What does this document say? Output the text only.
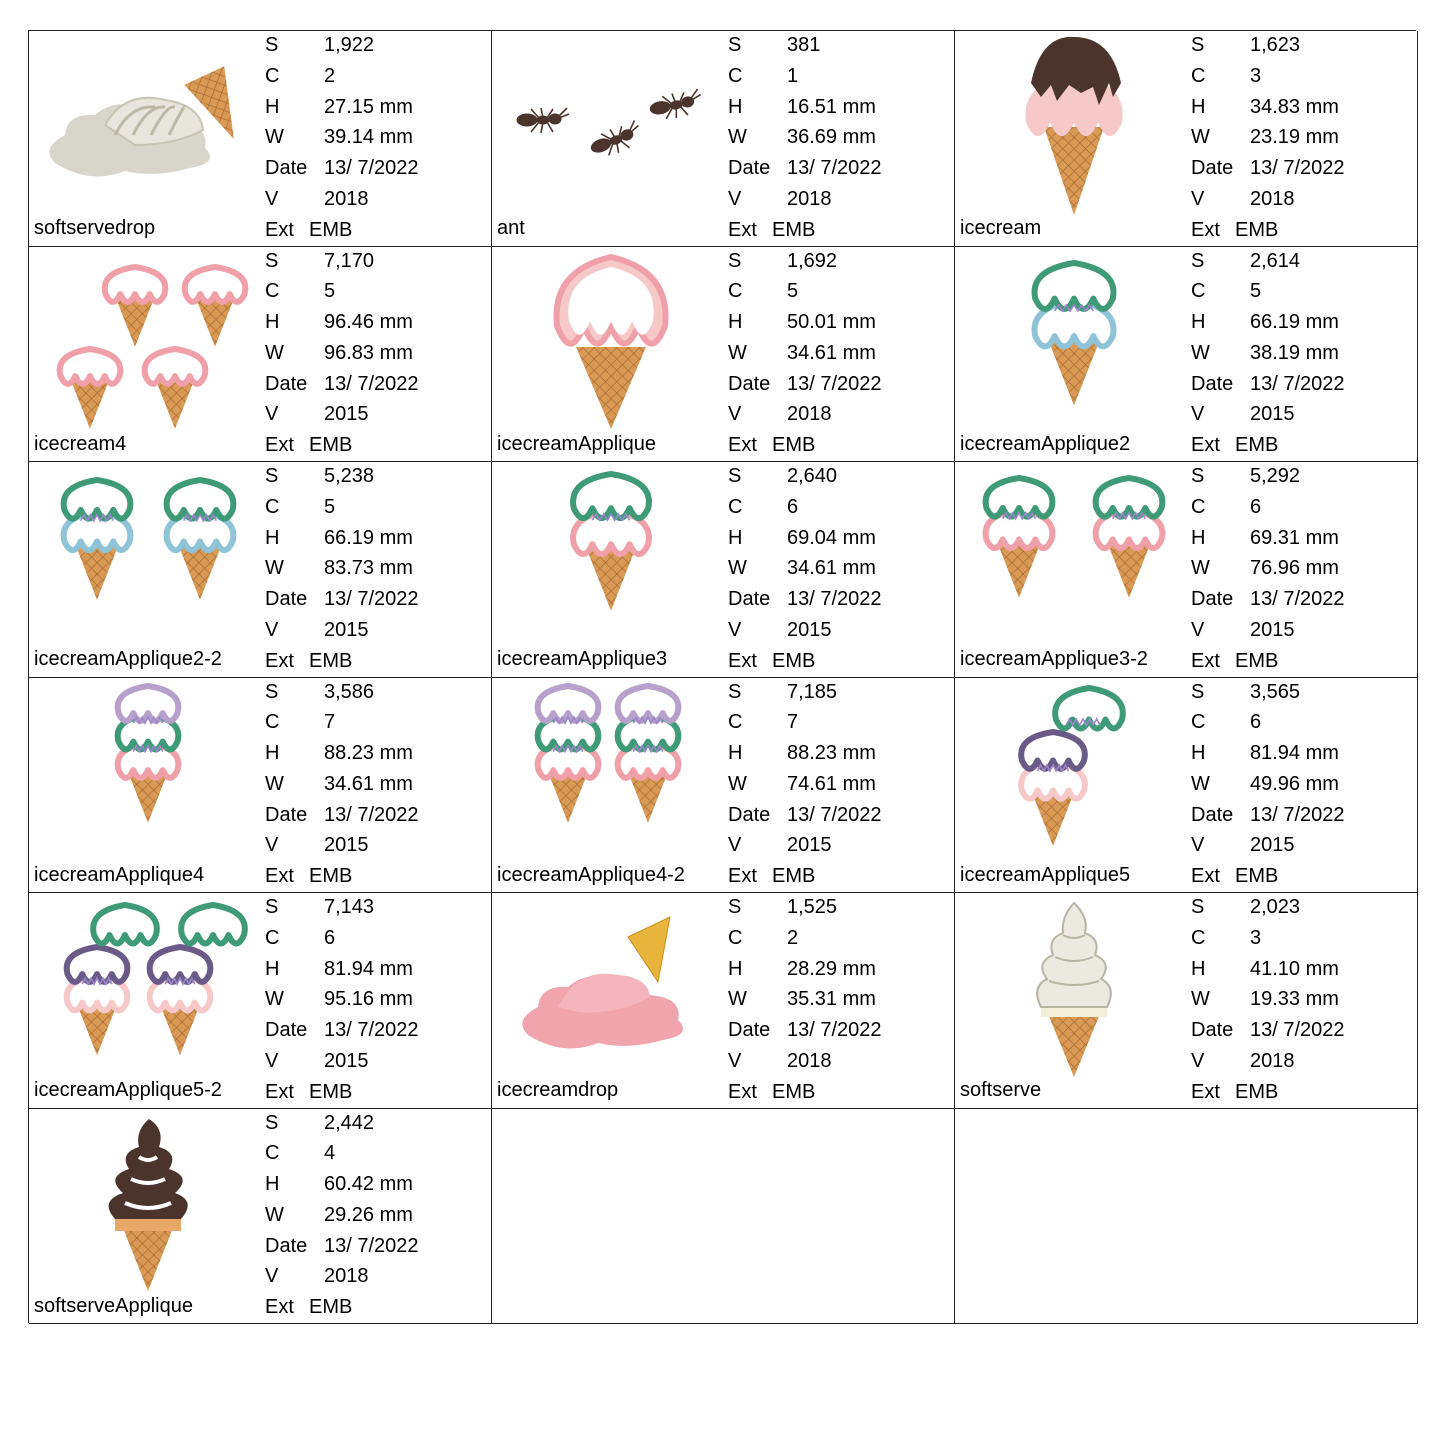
softservedrop
S 1,922
C 2
H 27.15 mm
W 39.14 mm
Date 13/ 7/2022
V 2018
Ext EMB	ant
S 381
C 1
H 16.51 mm
W 36.69 mm
Date 13/ 7/2022
V 2018
Ext EMB	icecream
S 1,623
C 3
H 34.83 mm
W 23.19 mm
Date 13/ 7/2022
V 2018
Ext EMB
icecream4
S 7,170
C 5
H 96.46 mm
W 96.83 mm
Date 13/ 7/2022
V 2015
Ext EMB	icecreamApplique
S 1,692
C 5
H 50.01 mm
W 34.61 mm
Date 13/ 7/2022
V 2018
Ext EMB	icecreamApplique2
S 2,614
C 5
H 66.19 mm
W 38.19 mm
Date 13/ 7/2022
V 2015
Ext EMB
icecreamApplique2-2
S 5,238
C 5
H 66.19 mm
W 83.73 mm
Date 13/ 7/2022
V 2015
Ext EMB	icecreamApplique3
S 2,640
C 6
H 69.04 mm
W 34.61 mm
Date 13/ 7/2022
V 2015
Ext EMB	icecreamApplique3-2
S 5,292
C 6
H 69.31 mm
W 76.96 mm
Date 13/ 7/2022
V 2015
Ext EMB
icecreamApplique4
S 3,586
C 7
H 88.23 mm
W 34.61 mm
Date 13/ 7/2022
V 2015
Ext EMB	icecreamApplique4-2
S 7,185
C 7
H 88.23 mm
W 74.61 mm
Date 13/ 7/2022
V 2015
Ext EMB	icecreamApplique5
S 3,565
C 6
H 81.94 mm
W 49.96 mm
Date 13/ 7/2022
V 2015
Ext EMB
icecreamApplique5-2
S 7,143
C 6
H 81.94 mm
W 95.16 mm
Date 13/ 7/2022
V 2015
Ext EMB	icecreamdrop
S 1,525
C 2
H 28.29 mm
W 35.31 mm
Date 13/ 7/2022
V 2018
Ext EMB	softserve
S 2,023
C 3
H 41.10 mm
W 19.33 mm
Date 13/ 7/2022
V 2018
Ext EMB
softserveApplique
S 2,442
C 4
H 60.42 mm
W 29.26 mm
Date 13/ 7/2022
V 2018
Ext EMB
